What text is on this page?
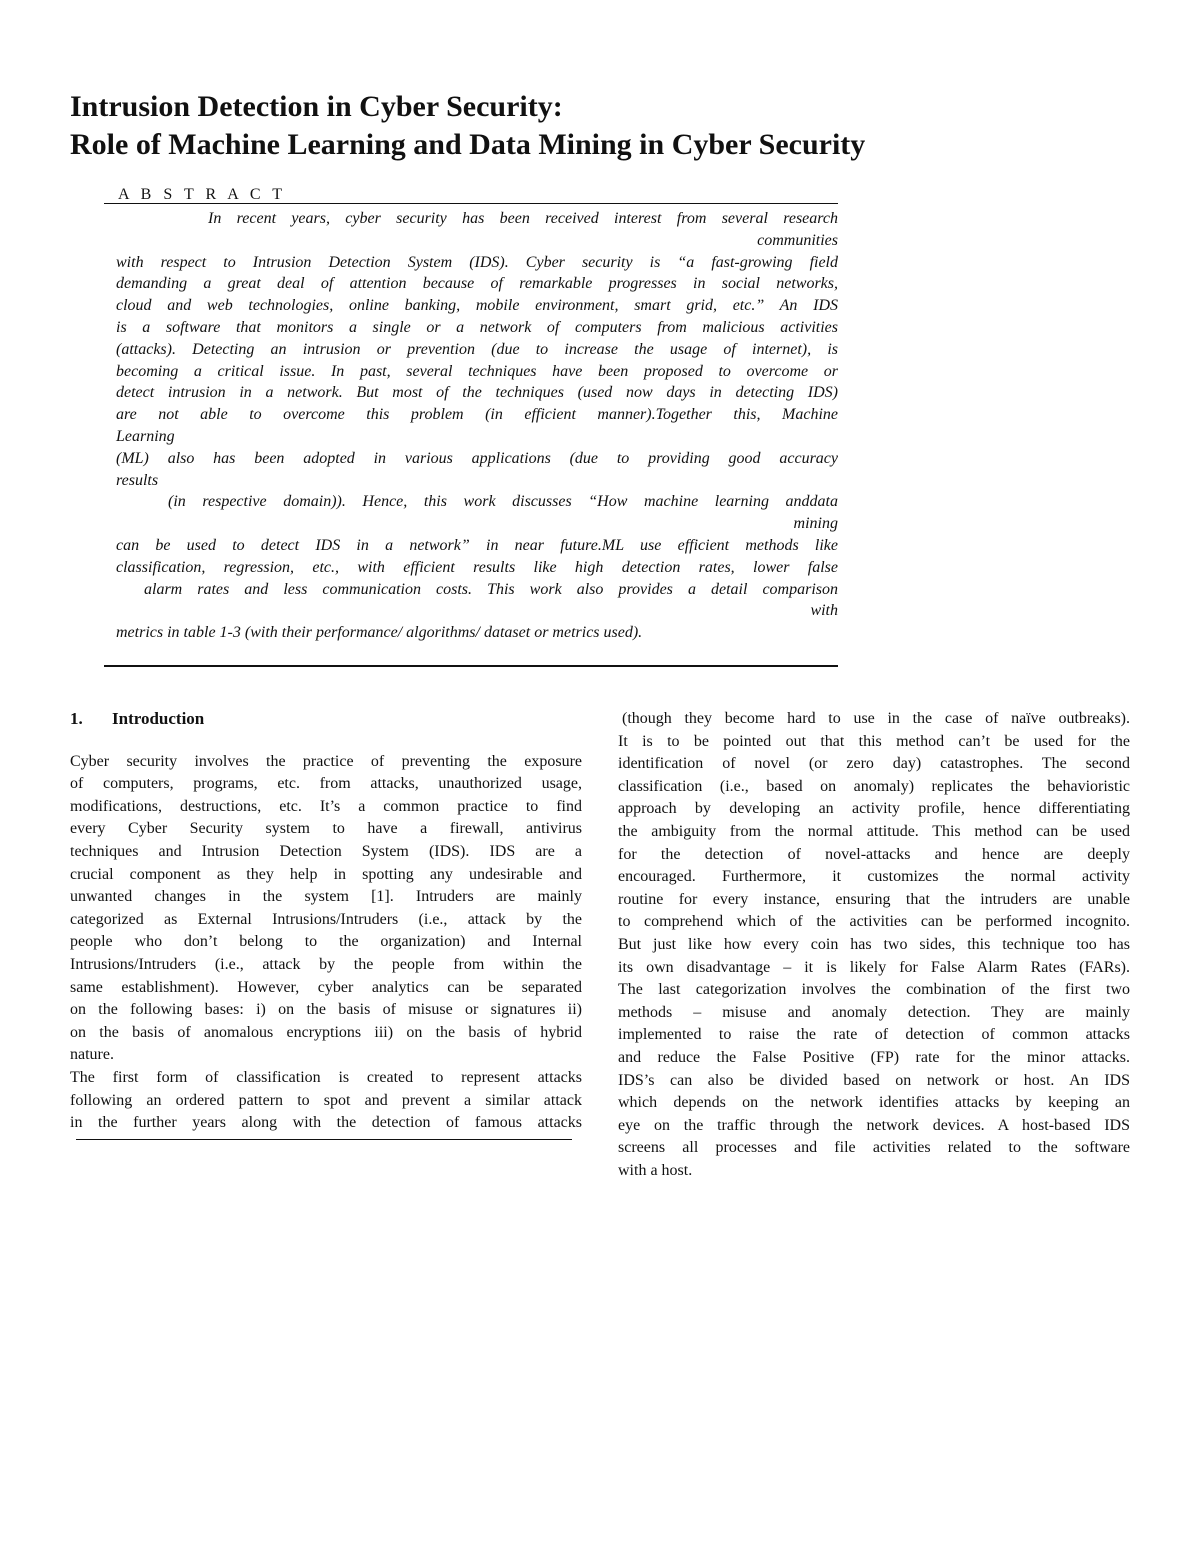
Intrusion Detection in Cyber Security:
Role of Machine Learning and Data Mining in Cyber Security
A B S T R A C T
In recent years, cyber security has been received interest from several research
communities
with respect to Intrusion Detection System (IDS). Cyber security is “a fast-growing field
demanding a great deal of attention because of remarkable progresses in social networks,
cloud and web technologies, online banking, mobile environment, smart grid, etc.” An IDS
is a software that monitors a single or a network of computers from malicious activities
(attacks). Detecting an intrusion or prevention (due to increase the usage of internet), is
becoming a critical issue. In past, several techniques have been proposed to overcome or
detect intrusion in a network. But most of the techniques (used now days in detecting IDS)
are not able to overcome this problem (in efficient manner).Together this, Machine
Learning
(ML) also has been adopted in various applications (due to providing good accuracy
results
(in respective domain)). Hence, this work discusses “How machine learning anddata
mining
can be used to detect IDS in a network” in near future.ML use efficient methods like
classification, regression, etc., with efficient results like high detection rates, lower false
alarm rates and less communication costs. This work also provides a detail comparison
with
metrics in table 1-3 (with their performance/ algorithms/ dataset or metrics used).
1. Introduction
Cyber security involves the practice of preventing the exposure
of computers, programs, etc. from attacks, unauthorized usage,
modifications, destructions, etc. It’s a common practice to find
every Cyber Security system to have a firewall, antivirus
techniques and Intrusion Detection System (IDS). IDS are a
crucial component as they help in spotting any undesirable and
unwanted changes in the system [1]. Intruders are mainly
categorized as External Intrusions/Intruders (i.e., attack by the
people who don’t belong to the organization) and Internal
Intrusions/Intruders (i.e., attack by the people from within the
same establishment). However, cyber analytics can be separated
on the following bases: i) on the basis of misuse or signatures ii)
on the basis of anomalous encryptions iii) on the basis of hybrid
nature.
The first form of classification is created to represent attacks
following an ordered pattern to spot and prevent a similar attack
in the further years along with the detection of famous attacks
(though they become hard to use in the case of naïve outbreaks).
It is to be pointed out that this method can’t be used for the
identification of novel (or zero day) catastrophes. The second
classification (i.e., based on anomaly) replicates the behavioristic
approach by developing an activity profile, hence differentiating
the ambiguity from the normal attitude. This method can be used
for the detection of novel-attacks and hence are deeply
encouraged. Furthermore, it customizes the normal activity
routine for every instance, ensuring that the intruders are unable
to comprehend which of the activities can be performed incognito.
But just like how every coin has two sides, this technique too has
its own disadvantage – it is likely for False Alarm Rates (FARs).
The last categorization involves the combination of the first two
methods – misuse and anomaly detection. They are mainly
implemented to raise the rate of detection of common attacks
and reduce the False Positive (FP) rate for the minor attacks.
IDS’s can also be divided based on network or host. An IDS
which depends on the network identifies attacks by keeping an
eye on the traffic through the network devices. A host-based IDS
screens all processes and file activities related to the software
with a host.
